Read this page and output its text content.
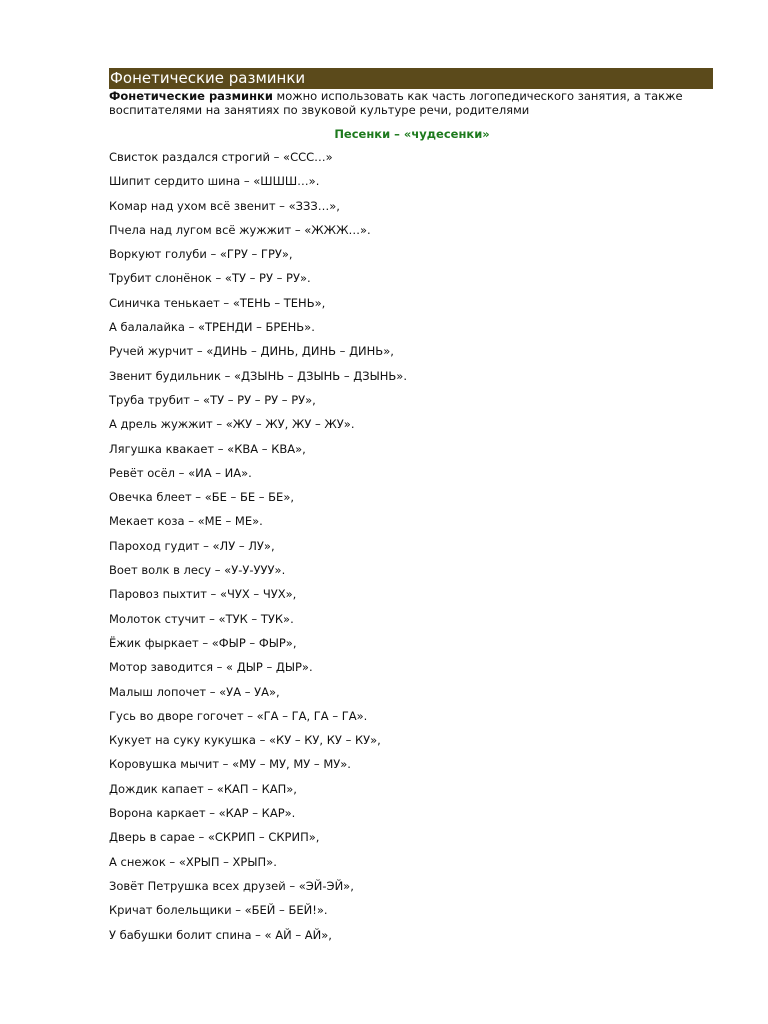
Фонетические разминки
Фонетические разминки можно использовать как часть логопедического занятия, а также воспитателями на занятиях по звуковой культуре речи, родителями
Песенки – «чудесенки»
Свисток раздался строгий – «ССС…»
Шипит сердито шина – «ШШШ…».
Комар над ухом всё звенит – «ЗЗЗ…»,
Пчела над лугом всё жужжит – «ЖЖЖ…».
Воркуют голуби – «ГРУ – ГРУ»,
Трубит слонёнок – «ТУ – РУ – РУ».
Синичка тенькает – «ТЕНЬ – ТЕНЬ»,
А балалайка – «ТРЕНДИ – БРЕНЬ».
Ручей журчит – «ДИНЬ – ДИНЬ, ДИНЬ – ДИНЬ»,
Звенит будильник – «ДЗЫНЬ – ДЗЫНЬ – ДЗЫНЬ».
Труба трубит – «ТУ – РУ – РУ – РУ»,
А дрель жужжит – «ЖУ – ЖУ, ЖУ – ЖУ».
Лягушка квакает – «КВА – КВА»,
Ревёт осёл – «ИА – ИА».
Овечка блеет – «БЕ – БЕ – БЕ»,
Мекает коза – «МЕ – МЕ».
Пароход гудит – «ЛУ – ЛУ»,
Воет волк в лесу – «У-У-УУУ».
Паровоз пыхтит – «ЧУХ – ЧУХ»,
Молоток стучит – «ТУК – ТУК».
Ёжик фыркает – «ФЫР – ФЫР»,
Мотор заводится – « ДЫР – ДЫР».
Малыш лопочет – «УА – УА»,
Гусь во дворе гогочет – «ГА – ГА, ГА – ГА».
Кукует на суку кукушка – «КУ – КУ, КУ – КУ»,
Коровушка мычит – «МУ – МУ, МУ – МУ».
Дождик капает – «КАП – КАП»,
Ворона каркает – «КАР – КАР».
Дверь в сарае – «СКРИП – СКРИП»,
А снежок – «ХРЫП – ХРЫП».
Зовёт Петрушка всех друзей – «ЭЙ-ЭЙ»,
Кричат болельщики – «БЕЙ – БЕЙ!».
У бабушки болит спина – « АЙ – АЙ»,
